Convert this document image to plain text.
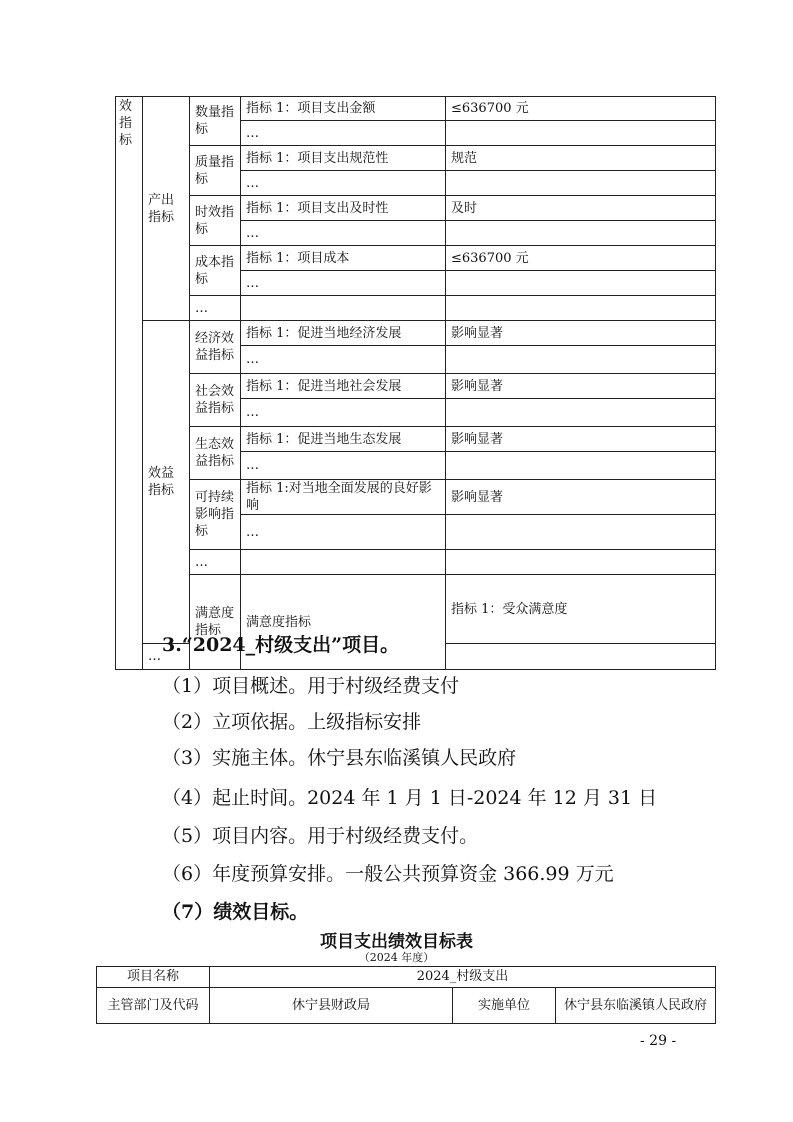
效指标	产出指标	数量指标	指标 1：项目支出金额	≤636700 元	
			…		
		质量指标	指标 1：项目支出规范性	规范	
			…		
		时效指标	指标 1：项目支出及时性	及时	
			…		
		成本指标	指标 1：项目成本	≤636700 元	
			…		
		…			
	效益指标	经济效益指标	指标 1：促进当地经济发展	影响显著	
			…		
		社会效益指标	指标 1：促进当地社会发展	影响显著	
			…		
		生态效益指标	指标 1：促进当地生态发展	影响显著	
			…		
		可持续影响指标	指标 1:对当地全面发展的良好影响	影响显著	
			…		
		…			
		满意度指标	满意度指标	指标 1：受众满意度	
	…				

3.“2024_村级支出”项目。

（1）项目概述。用于村级经费支付

（2）立项依据。上级指标安排

（3）实施主体。休宁县东临溪镇人民政府

（4）起止时间。2024 年 1 月 1 日-2024 年 12 月 31 日

（5）项目内容。用于村级经费支付。

（6）年度预算安排。一般公共预算资金 366.99 万元

（7）绩效目标。

项目支出绩效目标表

（2024 年度）

项目名称	2024_村级支出		
主管部门及代码	休宁县财政局	实施单位	休宁县东临溪镇人民政府

- 29 -
